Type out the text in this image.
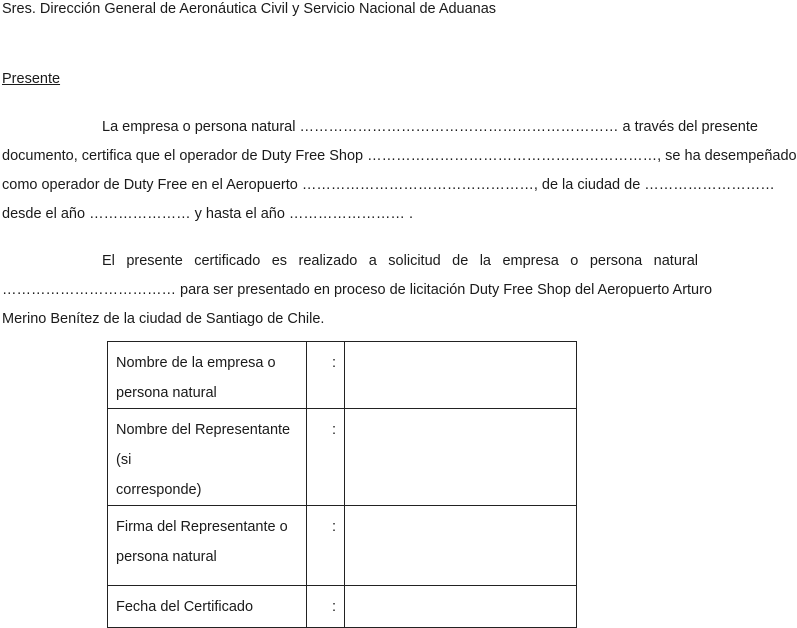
Sres. Dirección General de Aeronáutica Civil y Servicio Nacional de Aduanas
Presente
La empresa o persona natural ………………………………………………………… a través del presente
documento, certifica que el operador de Duty Free Shop ……………………………………………………, se ha desempeñado
como operador de Duty Free en el Aeropuerto …………………………………………, de la ciudad de ………………………
desde el año ………………… y hasta el año …………………… .
El presente certificado es realizado a solicitud de la empresa o persona natural
……………………………… para ser presentado en proceso de licitación Duty Free Shop del Aeropuerto Arturo
Merino Benítez de la ciudad de Santiago de Chile.
Nombre de la empresa o
persona natural	:	

Nombre del Representante (si
corresponde)	:	

Firma del Representante o
persona natural	:	

Fecha del Certificado	:	
